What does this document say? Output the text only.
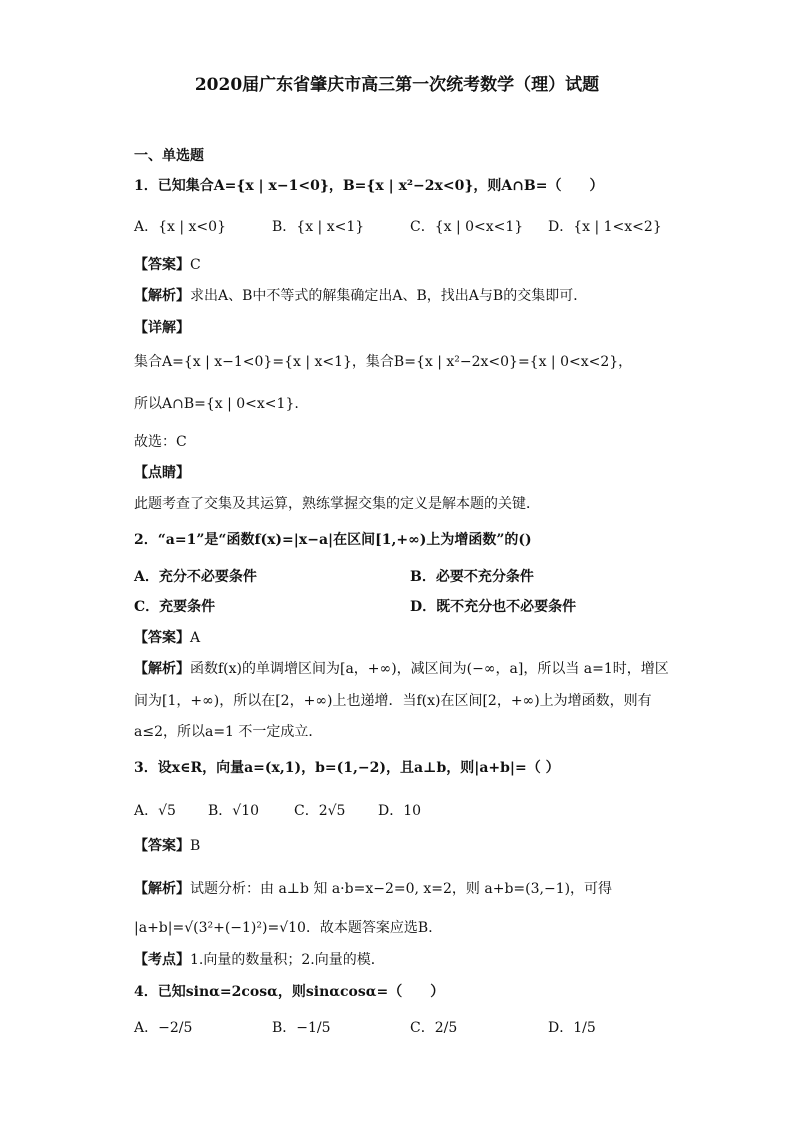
2020届广东省肇庆市高三第一次统考数学（理）试题
一、单选题
1．已知集合A={x | x−1<0}，B={x | x²−2x<0}，则A∩B=（　　）
A．{x | x<0}	B．{x | x<1}	C．{x | 0<x<1} D．{x | 1<x<2}
【答案】C
【解析】求出A、B中不等式的解集确定出A、B，找出A与B的交集即可．
【详解】
集合A={x | x−1<0}={x | x<1}，集合B={x | x²−2x<0}={x | 0<x<2}，
所以A∩B={x | 0<x<1}.
故选：C
【点睛】
此题考查了交集及其运算，熟练掌握交集的定义是解本题的关键．
2．“a=1”是“函数f(x)=|x−a|在区间[1,+∞)上为增函数”的()
A．充分不必要条件	B．必要不充分条件
C．充要条件	D．既不充分也不必要条件
【答案】A
【解析】函数f(x)的单调增区间为[a，+∞)，减区间为(−∞，a]，所以当 a=1时，增区
间为[1，+∞)，所以在[2，+∞)上也递增．当f(x)在区间[2，+∞)上为增函数，则有
a≤2，所以a=1 不一定成立．
3．设x∈R，向量a=(x,1)，b=(1,−2)，且a⊥b，则|a+b|=（ ）
A．√5 B．√10 C．2√5 D．10
【答案】B
【解析】试题分析：由 a⊥b 知 a·b=x−2=0, x=2，则 a+b=(3,−1)，可得
|a+b|=√(3²+(−1)²)=√10．故本题答案应选B．
【考点】1.向量的数量积；2.向量的模．
4．已知sinα=2cosα，则sinαcosα=（　　）
A．−2/5	B．−1/5	C．2/5	D．1/5
